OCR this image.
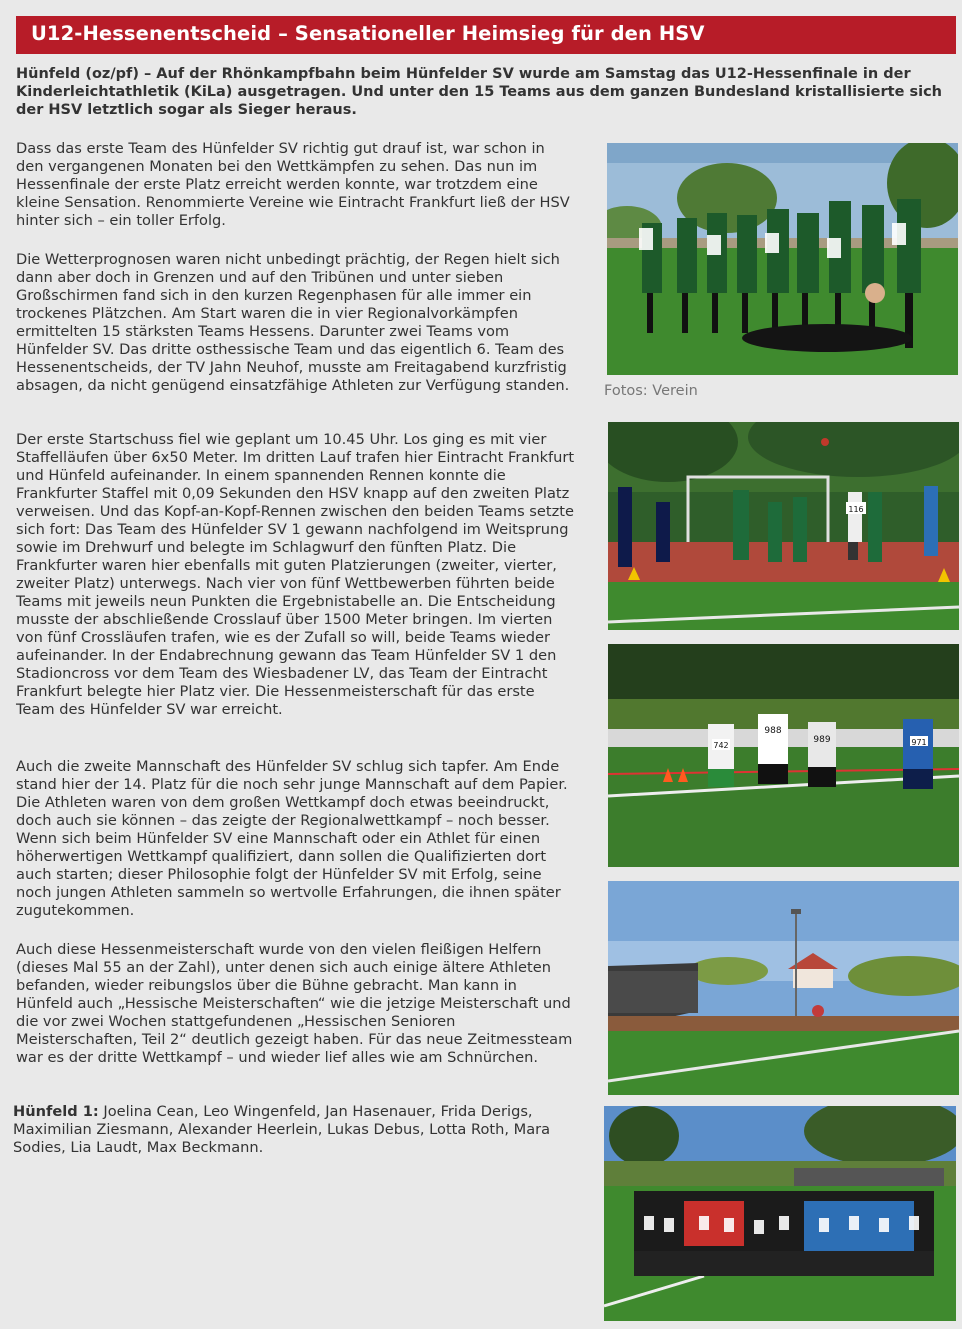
U12-Hessenentscheid – Sensationeller Heimsieg für den HSV
Hünfeld (oz/pf) – Auf der Rhönkampfbahn beim Hünfelder SV wurde am Samstag das U12-Hessenfinale in der Kinderleichtathletik (KiLa) ausgetragen. Und unter den 15 Teams aus dem ganzen Bundesland kristallisierte sich der HSV letztlich sogar als Sieger heraus.

Dass das erste Team des Hünfelder SV richtig gut drauf ist, war schon in den vergangenen Monaten bei den Wettkämpfen zu sehen. Das nun im Hessenfinale der erste Platz erreicht werden konnte, war trotzdem eine kleine Sensation. Renommierte Vereine wie Eintracht Frankfurt ließ der HSV hinter sich – ein toller Erfolg.

Die Wetterprognosen waren nicht unbedingt prächtig, der Regen hielt sich dann aber doch in Grenzen und auf den Tribünen und unter sieben Großschirmen fand sich in den kurzen Regenphasen für alle immer ein trockenes Plätzchen. Am Start waren die in vier Regionalvorkämpfen ermittelten 15 stärksten Teams Hessens. Darunter zwei Teams vom Hünfelder SV. Das dritte osthessische Team und das eigentlich 6. Team des Hessenentscheids, der TV Jahn Neuhof, musste am Freitagabend kurzfristig absagen, da nicht genügend einsatzfähige Athleten zur Verfügung standen.

Der erste Startschuss fiel wie geplant um 10.45 Uhr. Los ging es mit vier Staffelläufen über 6x50 Meter. Im dritten Lauf trafen hier Eintracht Frankfurt und Hünfeld aufeinander. In einem spannenden Rennen konnte die Frankfurter Staffel mit 0,09 Sekunden den HSV knapp auf den zweiten Platz verweisen. Und das Kopf-an-Kopf-Rennen zwischen den beiden Teams setzte sich fort: Das Team des Hünfelder SV 1 gewann nachfolgend im Weitsprung sowie im Drehwurf und belegte im Schlagwurf den fünften Platz. Die Frankfurter waren hier ebenfalls mit guten Platzierungen (zweiter, vierter, zweiter Platz) unterwegs. Nach vier von fünf Wettbewerben führten beide Teams mit jeweils neun Punkten die Ergebnistabelle an. Die Entscheidung musste der abschließende Crosslauf über 1500 Meter bringen. Im vierten von fünf Crossläufen trafen, wie es der Zufall so will, beide Teams wieder aufeinander. In der Endabrechnung gewann das Team Hünfelder SV 1 den Stadioncross vor dem Team des Wiesbadener LV, das Team der Eintracht Frankfurt belegte hier Platz vier. Die Hessenmeisterschaft für das erste Team des Hünfelder SV war erreicht.

Auch die zweite Mannschaft des Hünfelder SV schlug sich tapfer. Am Ende stand hier der 14. Platz für die noch sehr junge Mannschaft auf dem Papier. Die Athleten waren von dem großen Wettkampf doch etwas beeindruckt, doch auch sie können – das zeigte der Regionalwettkampf – noch besser. Wenn sich beim Hünfelder SV eine Mannschaft oder ein Athlet für einen höherwertigen Wettkampf qualifiziert, dann sollen die Qualifizierten dort auch starten; dieser Philosophie folgt der Hünfelder SV mit Erfolg, seine noch jungen Athleten sammeln so wertvolle Erfahrungen, die ihnen später zugutekommen.

Auch diese Hessenmeisterschaft wurde von den vielen fleißigen Helfern (dieses Mal 55 an der Zahl), unter denen sich auch einige ältere Athleten befanden, wieder reibungslos über die Bühne gebracht. Man kann in Hünfeld auch „Hessische Meisterschaften“ wie die jetzige Meisterschaft und die vor zwei Wochen stattgefundenen „Hessischen Senioren Meisterschaften, Teil 2“ deutlich gezeigt haben. Für das neue Zeitmessteam war es der dritte Wettkampf – und wieder lief alles wie am Schnürchen.

Hünfeld 1: Joelina Cean, Leo Wingenfeld, Jan Hasenauer, Frida Derigs, Maximilian Ziesmann, Alexander Heerlein, Lukas Debus, Lotta Roth, Mara Sodies, Lia Laudt, Max Beckmann.
Fotos: Verein
116
742
988
989	971
